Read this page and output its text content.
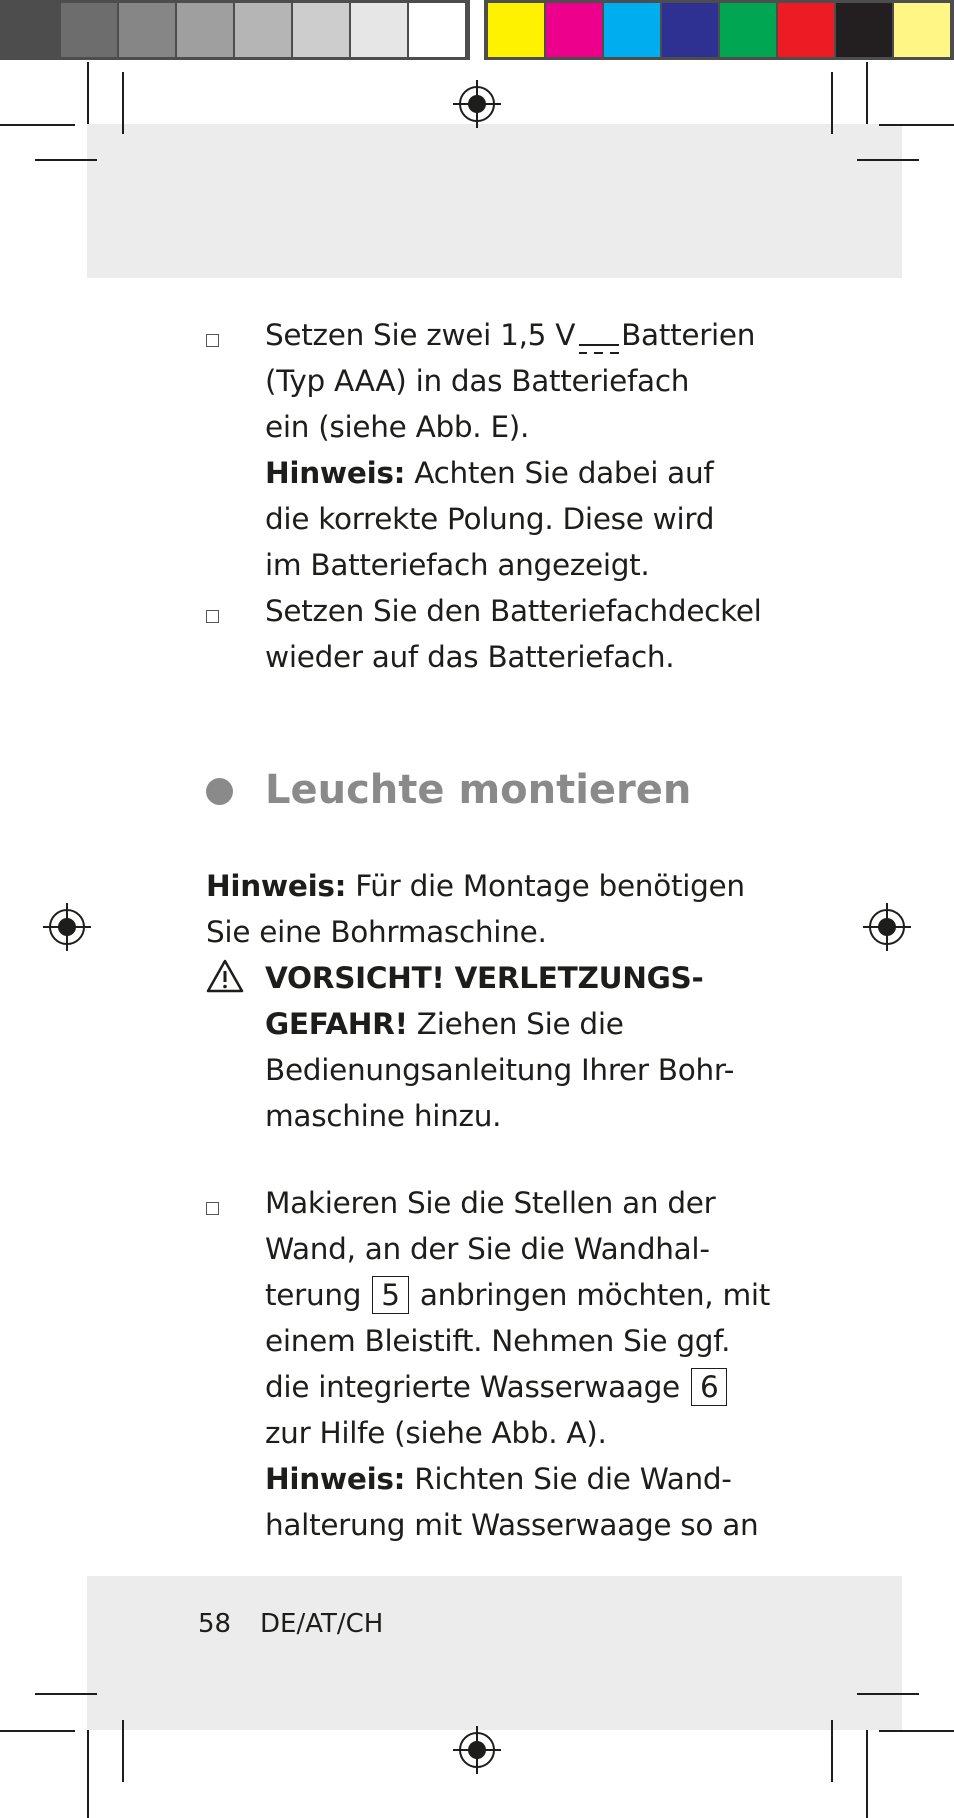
Setzen Sie zwei 1,5 V Batterien
(Typ AAA) in das Batteriefach
ein (siehe Abb. E).
Hinweis: Achten Sie dabei auf
die korrekte Polung. Diese wird
im Batteriefach angezeigt.
Setzen Sie den Batteriefachdeckel
wieder auf das Batteriefach.
Leuchte montieren
Hinweis: Für die Montage benötigen
Sie eine Bohrmaschine.
VORSICHT! VERLETZUNGS-
GEFAHR! Ziehen Sie die
Bedienungsanleitung Ihrer Bohr-
maschine hinzu.
Makieren Sie die Stellen an der
Wand, an der Sie die Wandhal-
terung 5 anbringen möchten, mit
einem Bleistift. Nehmen Sie ggf.
die integrierte Wasserwaage 6
zur Hilfe (siehe Abb. A).
Hinweis: Richten Sie die Wand-
halterung mit Wasserwaage so an
58 DE/AT/CH
